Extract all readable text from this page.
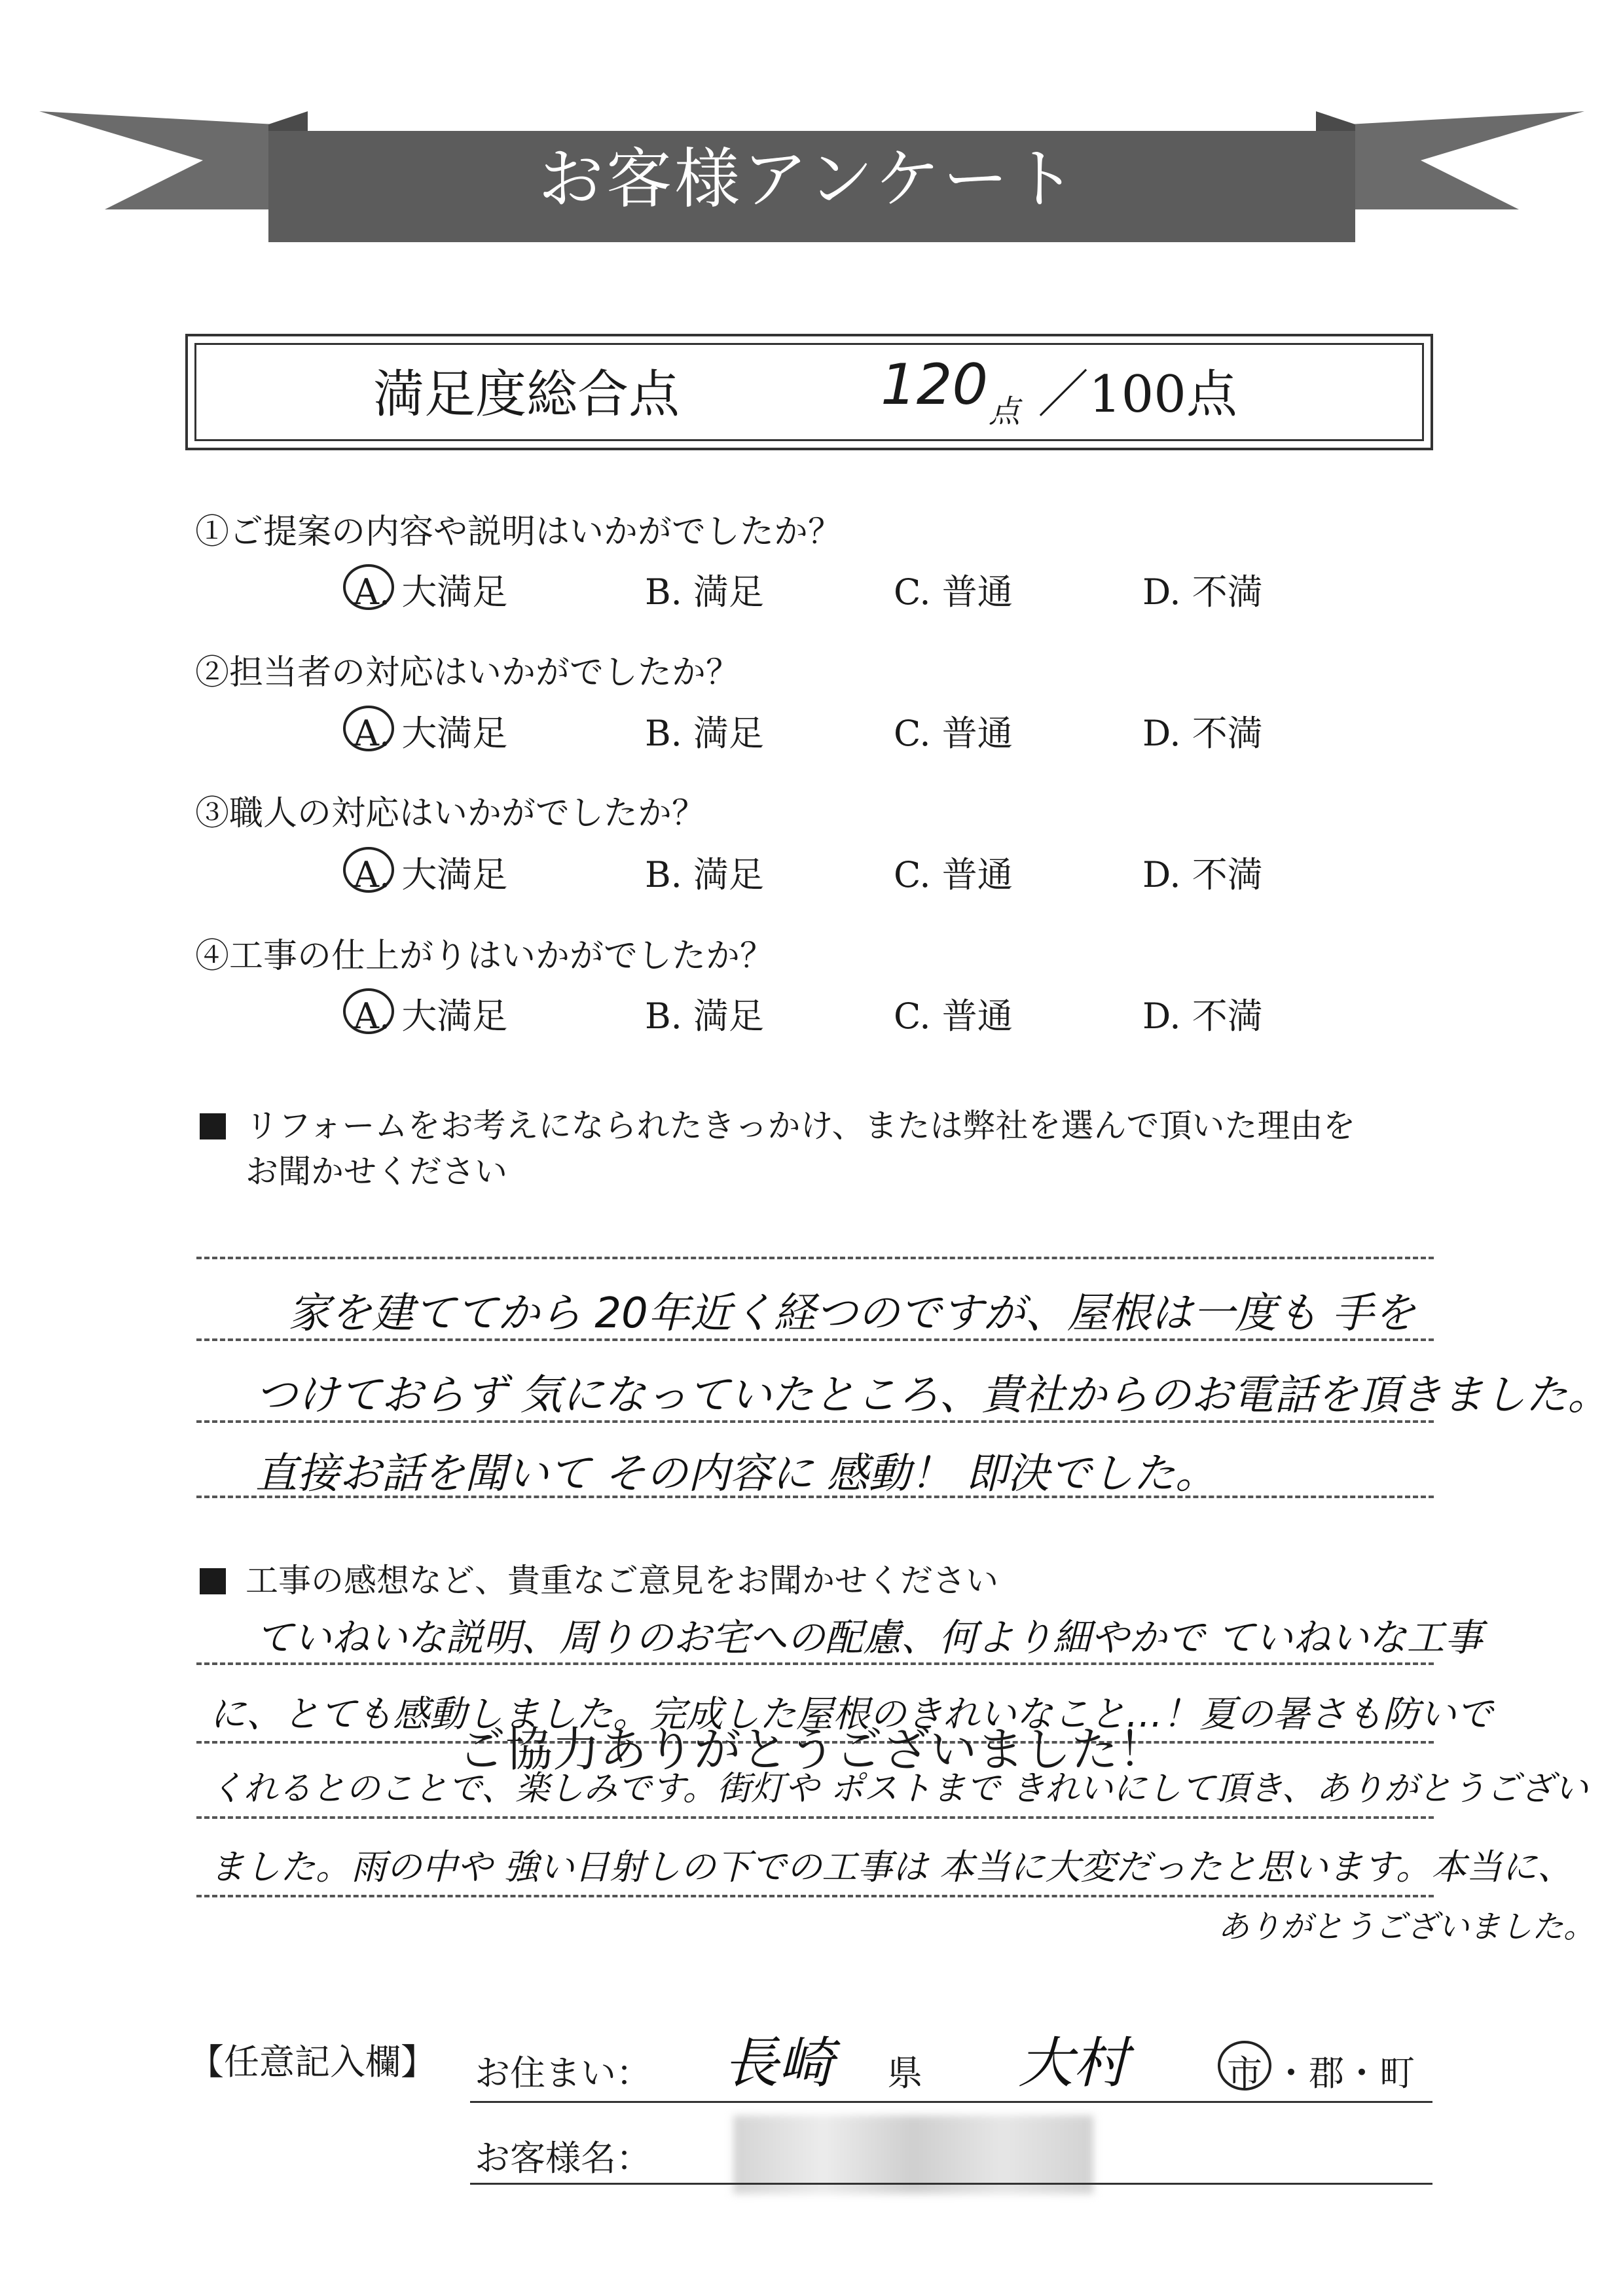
お客様アンケート
満足度総合点	120 点 ／100点
①ご提案の内容や説明はいかがでしたか？
A. 大満足	B. 満足	C. 普通	D. 不満
②担当者の対応はいかがでしたか？
A. 大満足	B. 満足	C. 普通	D. 不満
③職人の対応はいかがでしたか？
A. 大満足	B. 満足	C. 普通	D. 不満
④工事の仕上がりはいかがでしたか？
A. 大満足	B. 満足	C. 普通	D. 不満
リフォームをお考えになられたきっかけ、または弊社を選んで頂いた理由を
お聞かせください
家を建ててから 20年近く経つのですが、屋根は一度も 手を
つけておらず 気になっていたところ、貴社からのお電話を頂きました。
直接お話を聞いて その内容に 感動！ 即決でした。
工事の感想など、貴重なご意見をお聞かせください
ていねいな説明、周りのお宅への配慮、何より細やかで ていねいな工事
に、とても感動しました。完成した屋根のきれいなこと…！夏の暑さも防いで
くれるとのことで、楽しみです。街灯や ポストまで きれいにして頂き、ありがとうござい
ました。雨の中や 強い日射しの下での工事は 本当に大変だったと思います。本当に、
ありがとうございました。
ご協力ありがとうございました！
【任意記入欄】 お住まい： 長崎 県 大村	市 ・郡・町
お客様名：
